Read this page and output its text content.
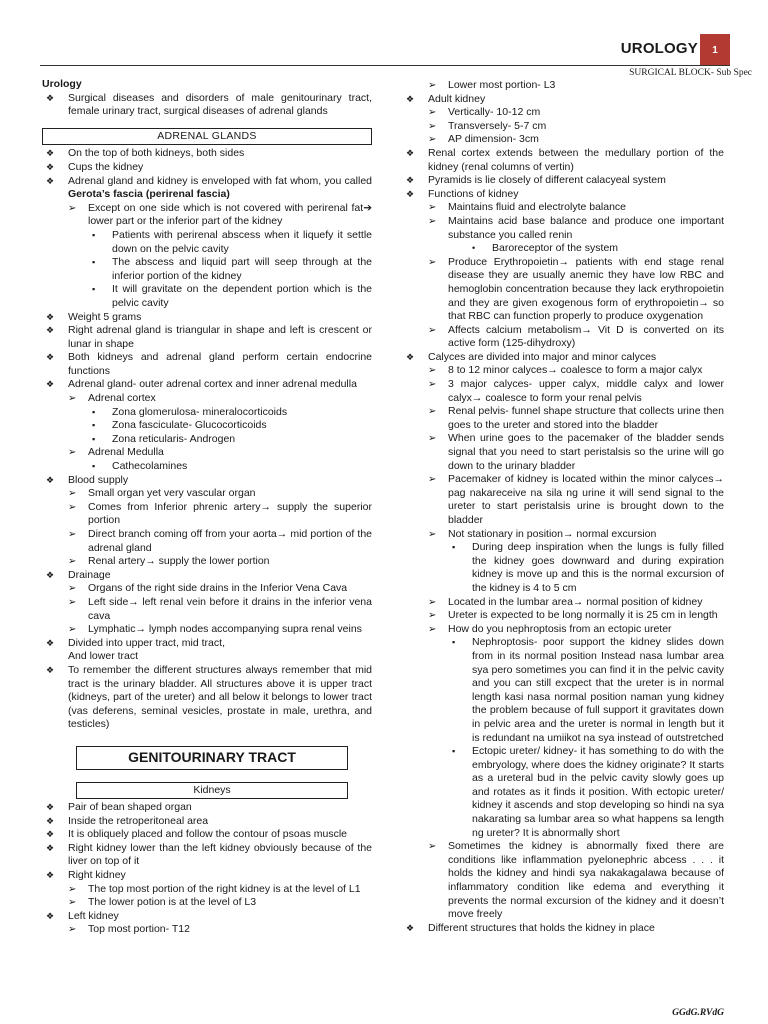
UROLOGY	1
SURGICAL BLOCK- Sub Spec
Urology
❖	Surgical diseases and disorders of male genitourinary tract, female urinary tract, surgical diseases of adrenal glands
ADRENAL GLANDS
❖	On the top of both kidneys, both sides
❖	Cups the kidney
❖	Adrenal gland and kidney is enveloped with fat whom, you called Gerota’s fascia (perirenal fascia)
➢	Except on one side which is not covered with perirenal fat➔ lower part or the inferior part of the kidney
▪	Patients with perirenal abscess when it liquefy it settle down on the pelvic cavity
▪	The abscess and liquid part will seep through at the inferior portion of the kidney
▪	It will gravitate on the dependent portion which is the pelvic cavity
❖	Weight 5 grams
❖	Right adrenal gland is triangular in shape and left is crescent or lunar in shape
❖	Both kidneys and adrenal gland perform certain endocrine functions
❖	Adrenal gland- outer adrenal cortex and inner adrenal medulla
➢	Adrenal cortex
▪	Zona glomerulosa- mineralocorticoids
▪	Zona fasciculate- Glucocorticoids
▪	Zona reticularis- Androgen
➢	Adrenal Medulla
▪	Cathecolamines
❖	Blood supply
➢	Small organ yet very vascular organ
➢	Comes from Inferior phrenic artery→ supply the superior portion
➢	Direct branch coming off from your aorta→ mid portion of the adrenal gland
➢	Renal artery→ supply the lower portion
❖	Drainage
➢	Organs of the right side drains in the Inferior Vena Cava
➢	Left side→ left renal vein before it drains in the inferior vena cava
➢	Lymphatic→ lymph nodes accompanying supra renal veins
❖	Divided into upper tract, mid tract,
And lower tract
❖	To remember the different structures always remember that mid tract is the urinary bladder. All structures above it is upper tract (kidneys, part of the ureter) and all below it belongs to lower tract (vas deferens, seminal vesicles, prostate in male, urethra, and testicles)
GENITOURINARY TRACT
Kidneys
❖	Pair of bean shaped organ
❖	Inside the retroperitoneal area
❖	It is obliquely placed and follow the contour of psoas muscle
❖	Right kidney lower than the left kidney obviously because of the liver on top of it
❖	Right kidney
➢	The top most portion of the right kidney is at the level of L1
➢	The lower potion is at the level of L3
❖	Left kidney
➢	Top most portion- T12
➢	Lower most portion- L3
❖	Adult kidney
➢	Vertically- 10-12 cm
➢	Transversely- 5-7 cm
➢	AP dimension- 3cm
❖	Renal cortex extends between the medullary portion of the kidney (renal columns of vertin)
❖	Pyramids is lie closely of different calacyeal system
❖	Functions of kidney
➢	Maintains fluid and electrolyte balance
➢	Maintains acid base balance and produce one important substance you called renin
•	Baroreceptor of the system
➢	Produce Erythropoietin→ patients with end stage renal disease they are usually anemic they have low RBC and hemoglobin concentration because they lack erythropoietin and they are given exogenous form of erythropoietin→ so that RBC can function properly to produce oxygenation
➢	Affects calcium metabolism→ Vit D is converted on its active form (125-dihydroxy)
❖	Calyces are divided into major and minor calyces
➢	8 to 12 minor calyces→ coalesce to form a major calyx
➢	3 major calyces- upper calyx, middle calyx and lower calyx→ coalesce to form your renal pelvis
➢	Renal pelvis- funnel shape structure that collects urine then goes to the ureter and stored into the bladder
➢	When urine goes to the pacemaker of the bladder sends signal that you need to start peristalsis so the urine will go down to the urinary bladder
➢	Pacemaker of kidney is located within the minor calyces→ pag nakareceive na sila ng urine it will send signal to the ureter to start peristalsis urine is brought down to the bladder
➢	Not stationary in position→ normal excursion
▪	During deep inspiration when the lungs is fully filled the kidney goes downward and during expiration kidney is move up and this is the normal excursion of the kidney is 4 to 5 cm
➢	Located in the lumbar area→ normal position of kidney
➢	Ureter is expected to be long normally it is 25 cm in length
➢	How do you nephroptosis from an ectopic ureter
▪	Nephroptosis- poor support the kidney slides down from in its normal position Instead nasa lumbar area sya pero sometimes you can find it in the pelvic cavity and you can still excpect that the ureter is in normal length kasi nasa normal position naman yung kidney the problem because of full support it gravitates down in pelvic area and the ureter is normal in length but it is redundant na umiikot na sya instead of outstretched
▪	Ectopic ureter/ kidney- it has something to do with the embryology, where does the kidney originate? It starts as a ureteral bud in the pelvic cavity slowly goes up and rotates as it finds it position. With ectopic ureter/ kidney it ascends and stop developing so hindi na sya nakarating sa lumbar area so what happens sa length ng ureter? It is abnormally short
➢	Sometimes the kidney is abnormally fixed there are conditions like inflammation pyelonephric abcess . . . it holds the kidney and hindi sya nakakagalawa because of inflammatory condition like edema and everything it prevents the normal excursion of the kidney and it doesn’t move freely
❖	Different structures that holds the kidney in place
GGdG.RVdG
